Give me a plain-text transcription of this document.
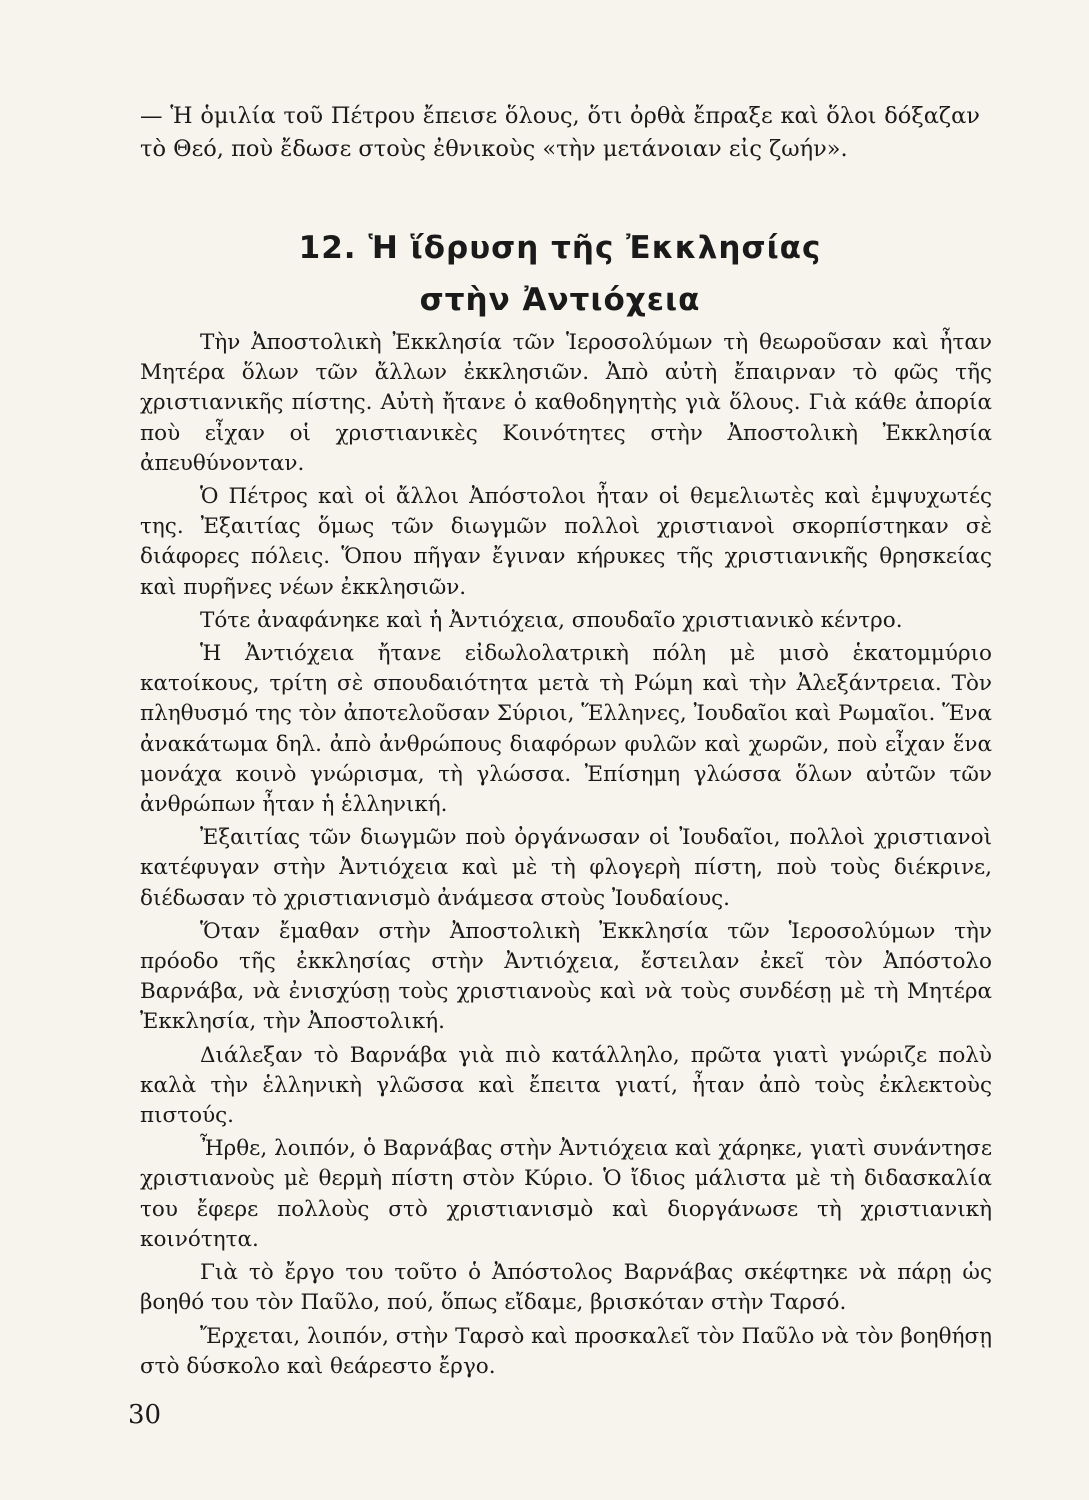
— Ἡ ὁμιλία τοῦ Πέτρου ἔπεισε ὅλους, ὅτι ὀρθὰ ἔπραξε καὶ ὅλοι δόξαζαν τὸ Θεό, ποὺ ἔδωσε στοὺς ἐθνικοὺς «τὴν μετάνοιαν εἰς ζωήν».

12. Ἡ ἵδρυση τῆς Ἐκκλησίας
στὴν Ἀντιόχεια

Τὴν Ἀποστολικὴ Ἐκκλησία τῶν Ἱεροσολύμων τὴ θεωροῦσαν καὶ ἦταν Μητέρα ὅλων τῶν ἄλλων ἐκκλησιῶν. Ἀπὸ αὐτὴ ἔπαιρναν τὸ φῶς τῆς χριστιανικῆς πίστης. Αὐτὴ ἤτανε ὁ καθοδηγητὴς γιὰ ὅλους. Γιὰ κάθε ἀπορία ποὺ εἶχαν οἱ χριστιανικὲς Κοινότητες στὴν Ἀποστολικὴ Ἐκκλησία ἀπευθύνονταν.

Ὁ Πέτρος καὶ οἱ ἄλλοι Ἀπόστολοι ἦταν οἱ θεμελιωτὲς καὶ ἐμψυχωτές της. Ἐξαιτίας ὅμως τῶν διωγμῶν πολλοὶ χριστιανοὶ σκορπίστηκαν σὲ διάφορες πόλεις. Ὅπου πῆγαν ἔγιναν κήρυκες τῆς χριστιανικῆς θρησκείας καὶ πυρῆνες νέων ἐκκλησιῶν.

Τότε ἀναφάνηκε καὶ ἡ Ἀντιόχεια, σπουδαῖο χριστιανικὸ κέντρο.

Ἡ Ἀντιόχεια ἤτανε εἰδωλολατρικὴ πόλη μὲ μισὸ ἑκατομμύριο κατοίκους, τρίτη σὲ σπουδαιότητα μετὰ τὴ Ρώμη καὶ τὴν Ἀλεξάντρεια. Τὸν πληθυσμό της τὸν ἀποτελοῦσαν Σύριοι, Ἕλληνες, Ἰουδαῖοι καὶ Ρωμαῖοι. Ἕνα ἀνακάτωμα δηλ. ἀπὸ ἀνθρώπους διαφόρων φυλῶν καὶ χωρῶν, ποὺ εἶχαν ἕνα μονάχα κοινὸ γνώρισμα, τὴ γλώσσα. Ἐπίσημη γλώσσα ὅλων αὐτῶν τῶν ἀνθρώπων ἦταν ἡ ἑλληνική.

Ἐξαιτίας τῶν διωγμῶν ποὺ ὀργάνωσαν οἱ Ἰουδαῖοι, πολλοὶ χριστιανοὶ κατέφυγαν στὴν Ἀντιόχεια καὶ μὲ τὴ φλογερὴ πίστη, ποὺ τοὺς διέκρινε, διέδωσαν τὸ χριστιανισμὸ ἀνάμεσα στοὺς Ἰουδαίους.

Ὅταν ἔμαθαν στὴν Ἀποστολικὴ Ἐκκλησία τῶν Ἱεροσολύμων τὴν πρόοδο τῆς ἐκκλησίας στὴν Ἀντιόχεια, ἔστειλαν ἐκεῖ τὸν Ἀπόστολο Βαρνάβα, νὰ ἐνισχύσῃ τοὺς χριστιανοὺς καὶ νὰ τοὺς συνδέσῃ μὲ τὴ Μητέρα Ἐκκλησία, τὴν Ἀποστολική.

Διάλεξαν τὸ Βαρνάβα γιὰ πιὸ κατάλληλο, πρῶτα γιατὶ γνώριζε πολὺ καλὰ τὴν ἑλληνικὴ γλῶσσα καὶ ἔπειτα γιατί, ἦταν ἀπὸ τοὺς ἐκλεκτοὺς πιστούς.

Ἦρθε, λοιπόν, ὁ Βαρνάβας στὴν Ἀντιόχεια καὶ χάρηκε, γιατὶ συνάντησε χριστιανοὺς μὲ θερμὴ πίστη στὸν Κύριο. Ὁ ἴδιος μάλιστα μὲ τὴ διδασκαλία του ἔφερε πολλοὺς στὸ χριστιανισμὸ καὶ διοργάνωσε τὴ χριστιανικὴ κοινότητα.

Γιὰ τὸ ἔργο του τοῦτο ὁ Ἀπόστολος Βαρνάβας σκέφτηκε νὰ πάρῃ ὡς βοηθό του τὸν Παῦλο, πού, ὅπως εἴδαμε, βρισκόταν στὴν Ταρσό.

Ἔρχεται, λοιπόν, στὴν Ταρσὸ καὶ προσκαλεῖ τὸν Παῦλο νὰ τὸν βοηθήσῃ στὸ δύσκολο καὶ θεάρεστο ἔργο.

30
